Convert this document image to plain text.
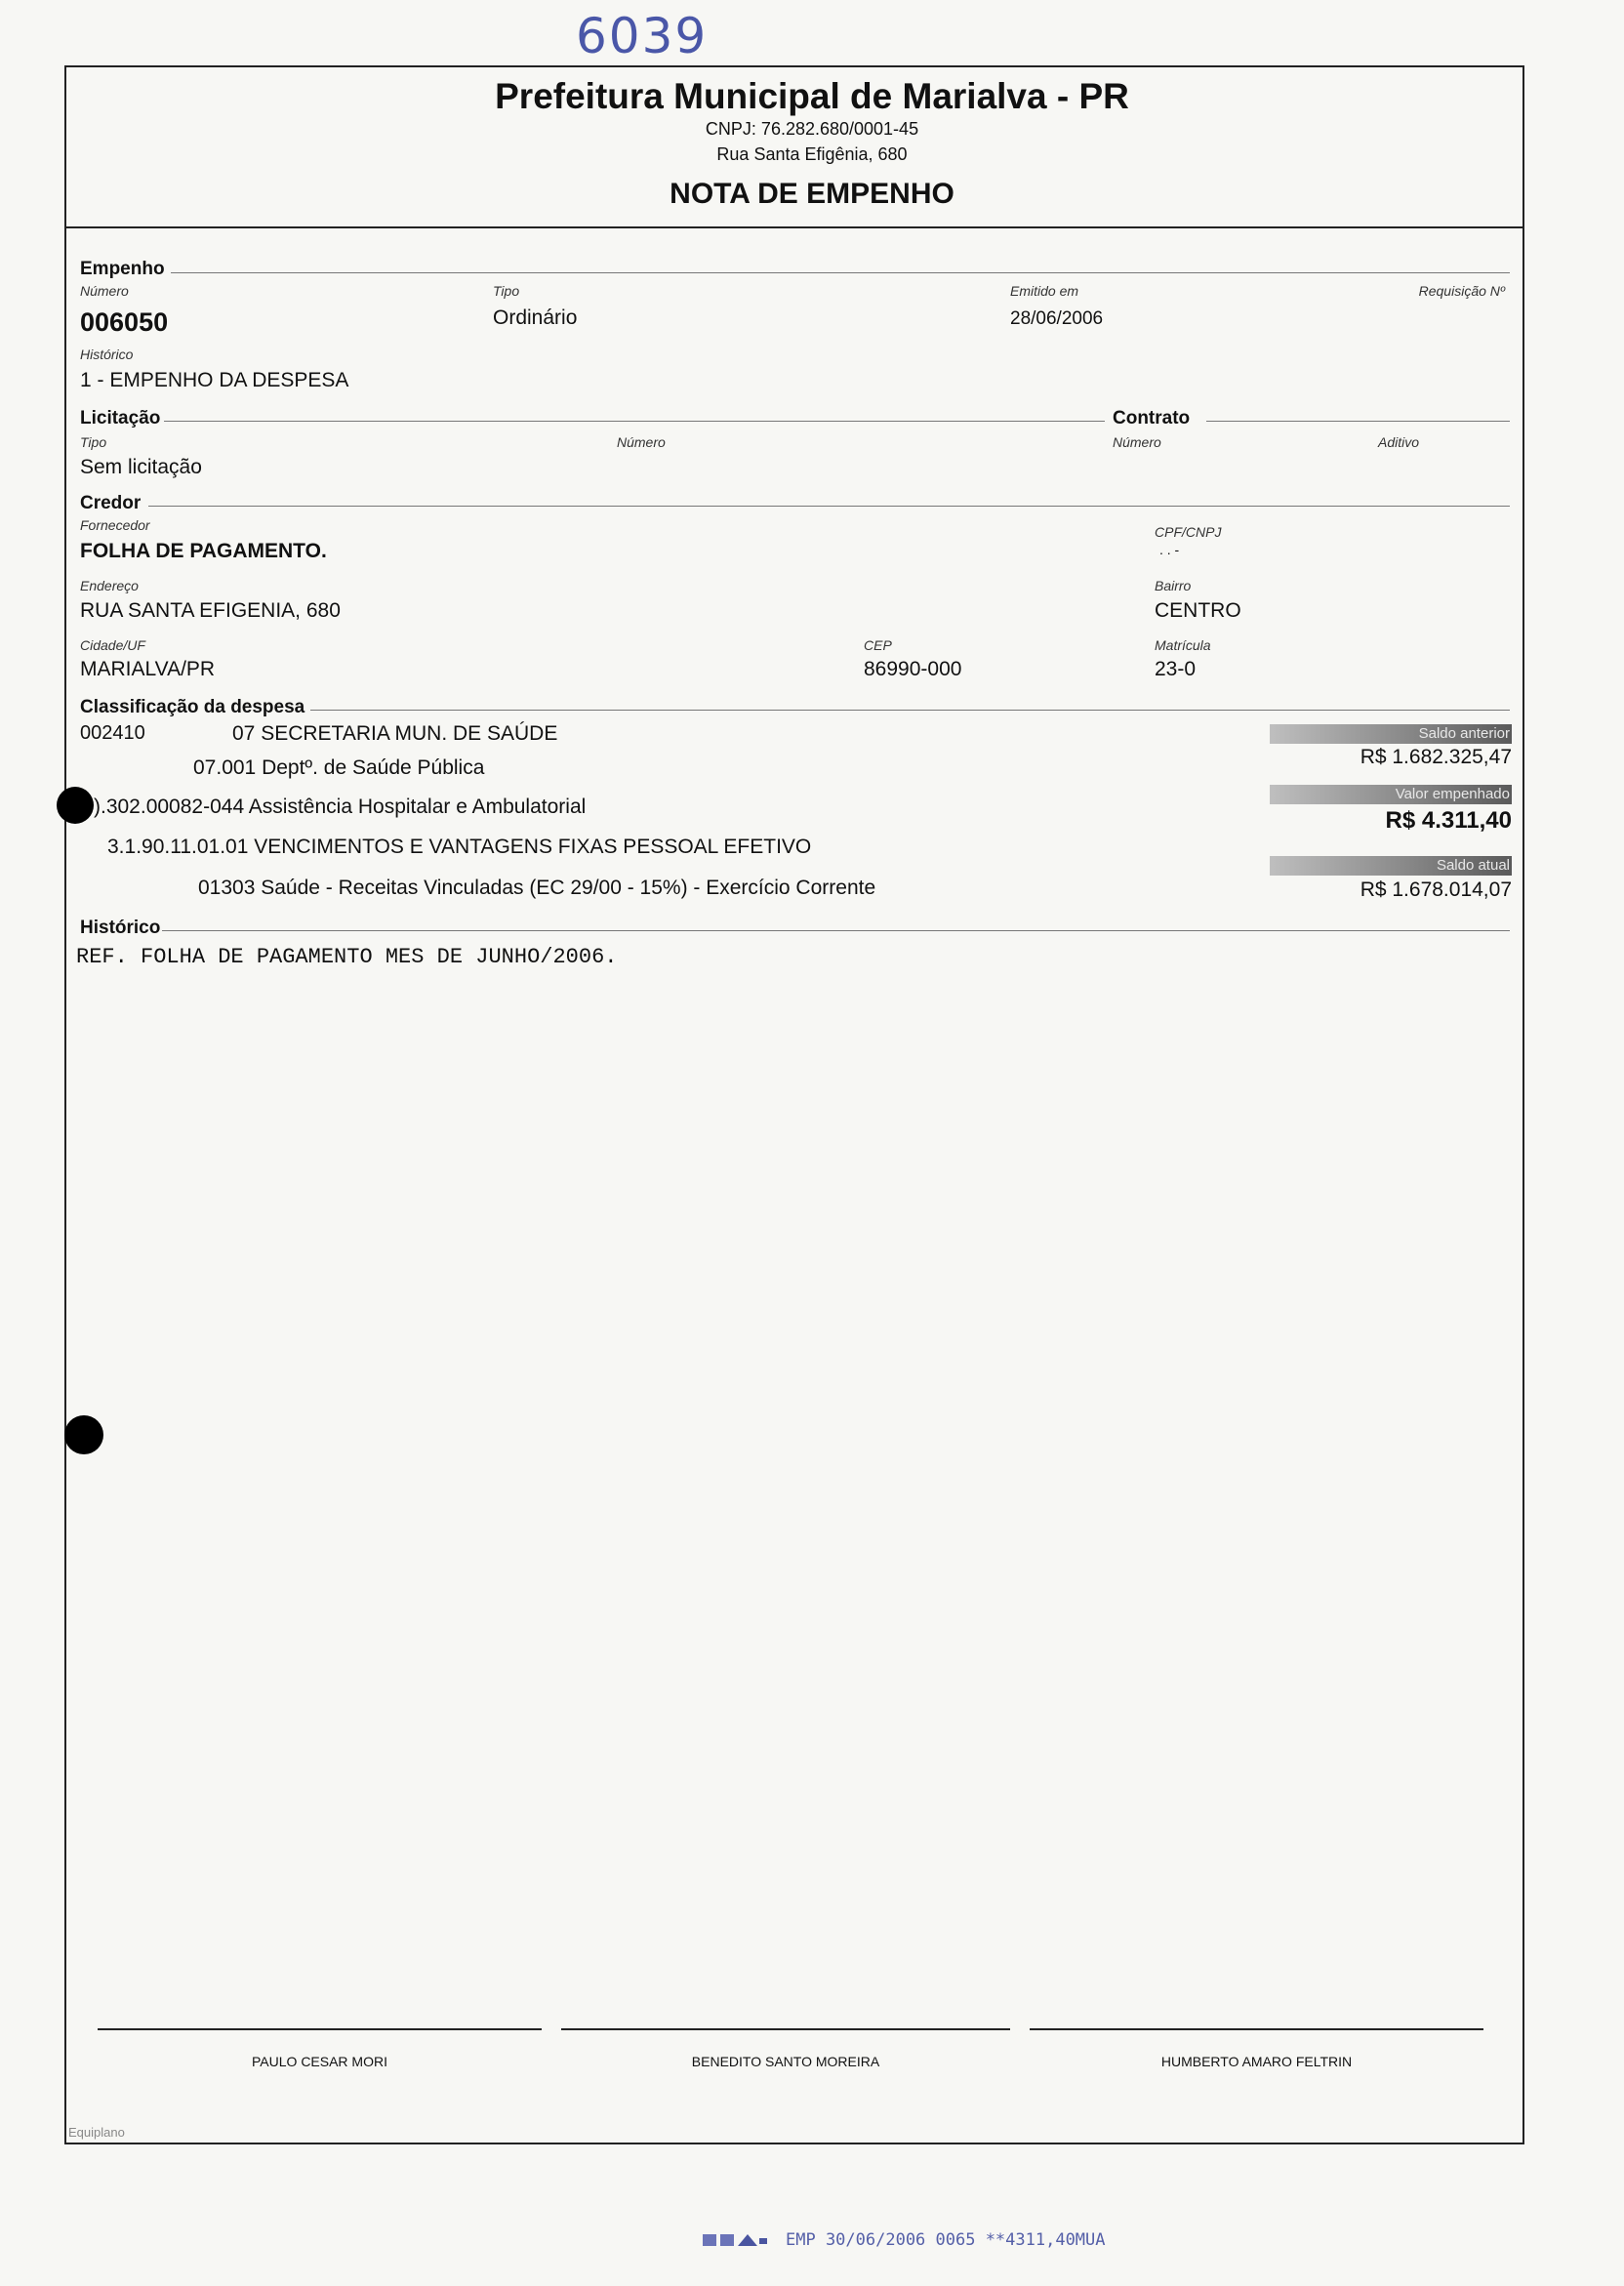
6039
Prefeitura Municipal de Marialva - PR
CNPJ: 76.282.680/0001-45
Rua Santa Efigênia, 680
NOTA DE EMPENHO
Empenho
Número
006050
Tipo
Ordinário
Emitido em
28/06/2006
Requisição Nº
Histórico
1 - EMPENHO DA DESPESA
Licitação	Contrato
Tipo
Sem licitação
Número	Número	Aditivo
Credor
Fornecedor
FOLHA DE PAGAMENTO.
CPF/CNPJ
. . -
Endereço
RUA SANTA EFIGENIA, 680
Bairro
CENTRO
Cidade/UF
MARIALVA/PR
CEP
86990-000
Matrícula
23-0
Classificação da despesa
002410	07 SECRETARIA MUN. DE SAÚDE
07.001 Deptº. de Saúde Pública
).302.00082-044 Assistência Hospitalar e Ambulatorial
3.1.90.11.01.01 VENCIMENTOS E VANTAGENS FIXAS PESSOAL EFETIVO
01303 Saúde - Receitas Vinculadas (EC 29/00 - 15%) - Exercício Corrente
Saldo anterior
R$ 1.682.325,47
Valor empenhado
R$ 4.311,40
Saldo atual
R$ 1.678.014,07
Histórico
REF. FOLHA DE PAGAMENTO MES DE JUNHO/2006.
PAULO CESAR MORI	BENEDITO SANTO MOREIRA	HUMBERTO AMARO FELTRIN
Equiplano
EMP 30/06/2006 0065 **4311,40MUA
